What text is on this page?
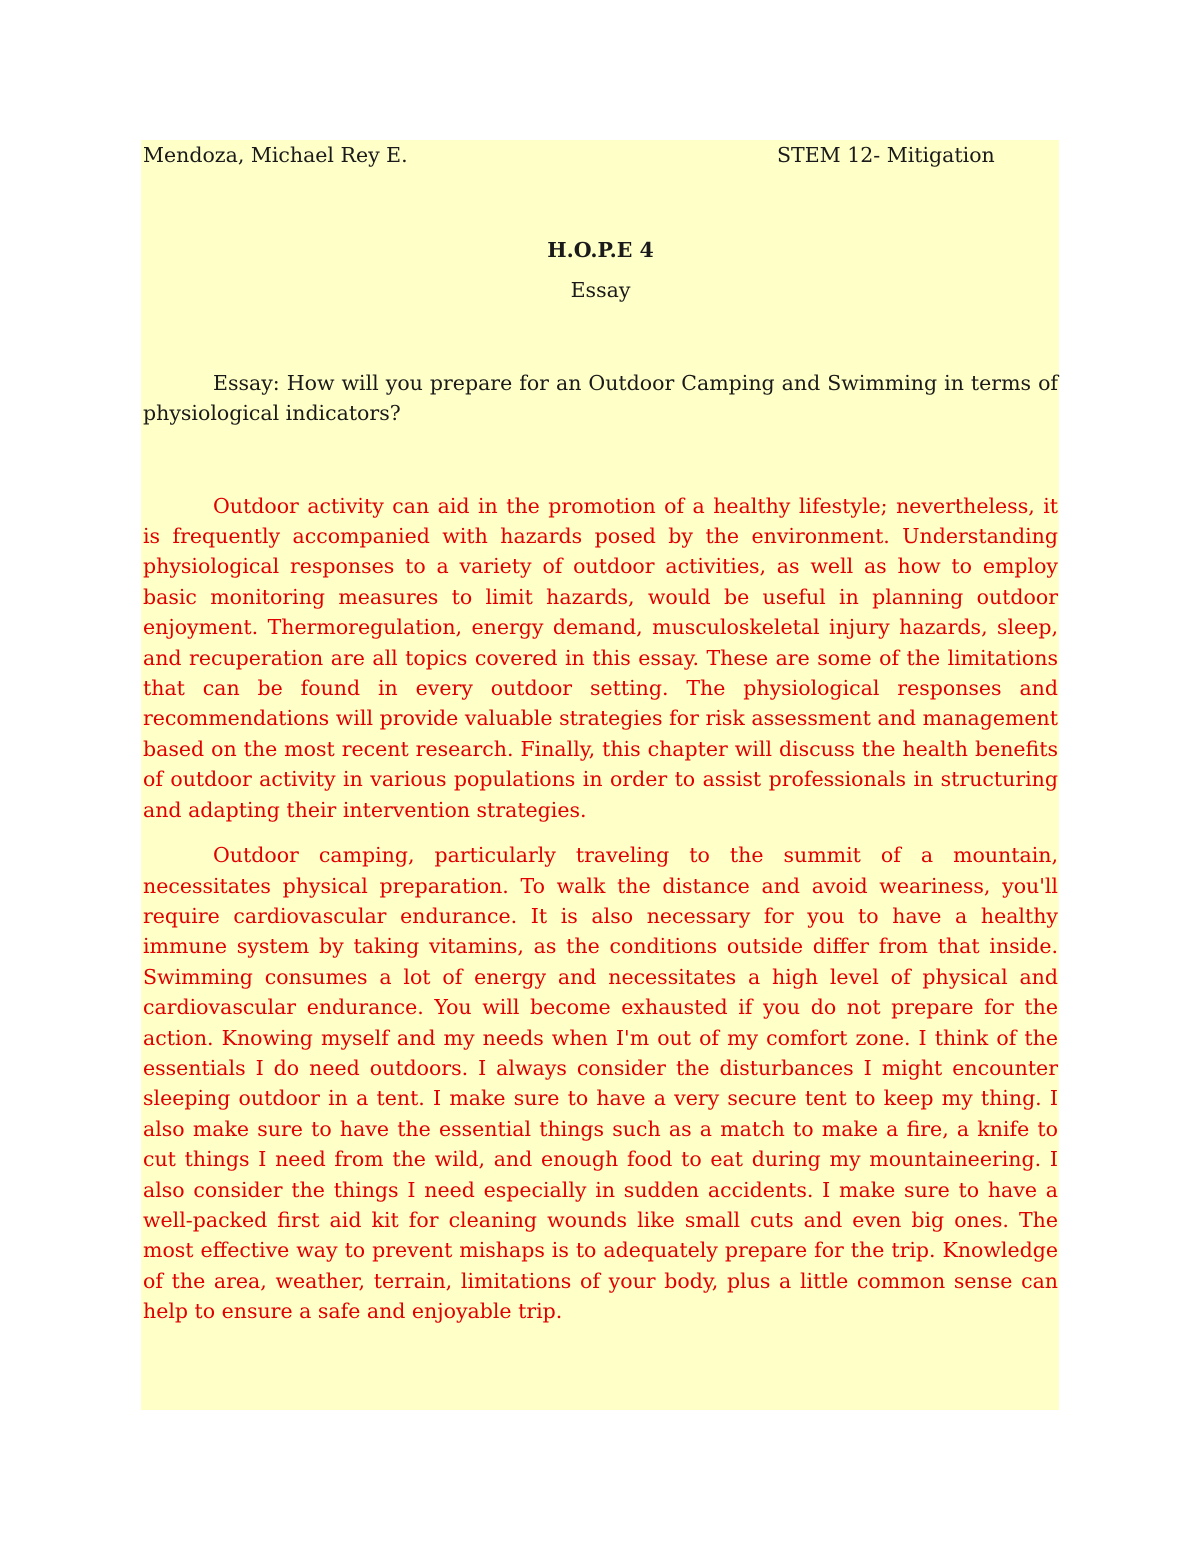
Mendoza, Michael Rey E.	STEM 12- Mitigation
H.O.P.E 4
Essay

Essay: How will you prepare for an Outdoor Camping and Swimming in terms of physiological indicators?

Outdoor activity can aid in the promotion of a healthy lifestyle; nevertheless, it is frequently accompanied with hazards posed by the environment. Understanding physiological responses to a variety of outdoor activities, as well as how to employ basic monitoring measures to limit hazards, would be useful in planning outdoor enjoyment. Thermoregulation, energy demand, musculoskeletal injury hazards, sleep, and recuperation are all topics covered in this essay. These are some of the limitations that can be found in every outdoor setting. The physiological responses and recommendations will provide valuable strategies for risk assessment and management based on the most recent research. Finally, this chapter will discuss the health benefits of outdoor activity in various populations in order to assist professionals in structuring and adapting their intervention strategies.

Outdoor camping, particularly traveling to the summit of a mountain, necessitates physical preparation. To walk the distance and avoid weariness, you'll require cardiovascular endurance. It is also necessary for you to have a healthy immune system by taking vitamins, as the conditions outside differ from that inside. Swimming consumes a lot of energy and necessitates a high level of physical and cardiovascular endurance. You will become exhausted if you do not prepare for the action. Knowing myself and my needs when I'm out of my comfort zone. I think of the essentials I do need outdoors. I always consider the disturbances I might encounter sleeping outdoor in a tent. I make sure to have a very secure tent to keep my thing. I also make sure to have the essential things such as a match to make a fire, a knife to cut things I need from the wild, and enough food to eat during my mountaineering. I also consider the things I need especially in sudden accidents. I make sure to have a well-packed first aid kit for cleaning wounds like small cuts and even big ones. The most effective way to prevent mishaps is to adequately prepare for the trip. Knowledge of the area, weather, terrain, limitations of your body, plus a little common sense can help to ensure a safe and enjoyable trip.
